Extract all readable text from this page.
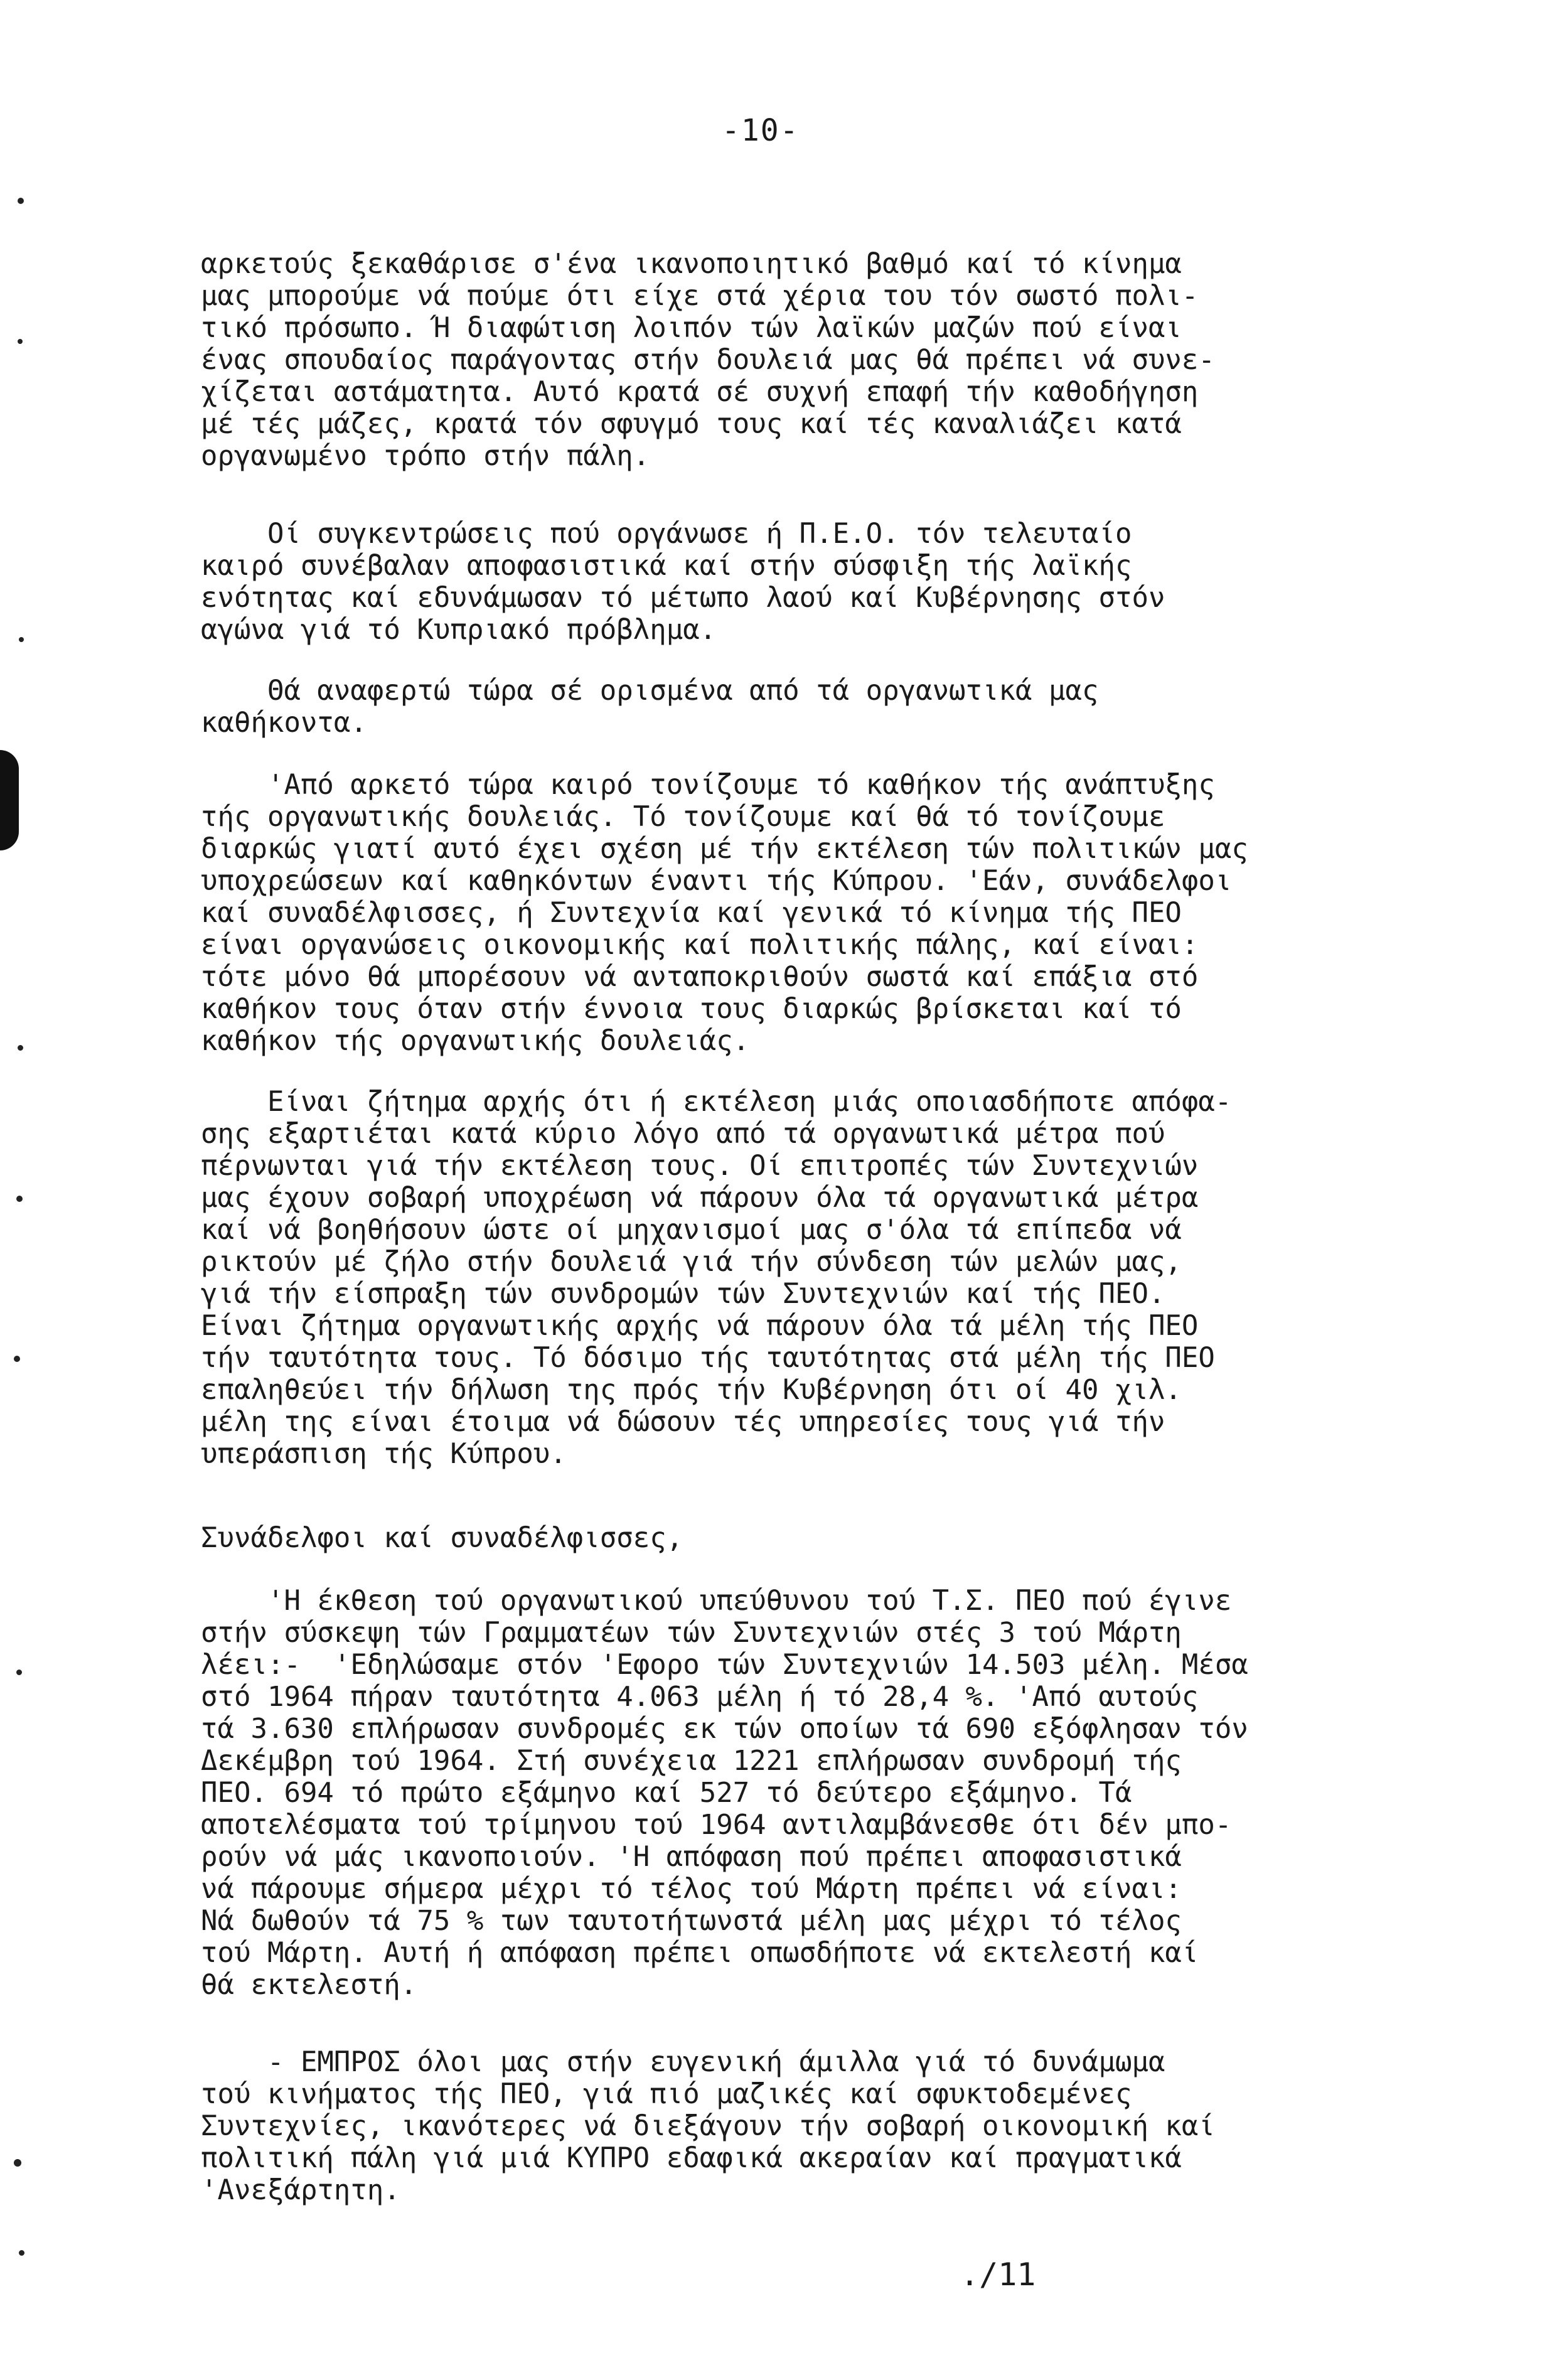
-10-
αρκετούς ξεκαθάρισε σ'ένα ικανοποιητικό βαθμό καί τό κίνημα
μας μπορούμε νά πούμε ότι είχε στά χέρια του τόν σωστό πολι-
τικό πρόσωπο. Ή διαφώτιση λοιπόν τών λαϊκών μαζών πού είναι
ένας σπουδαίος παράγοντας στήν δουλειά μας θά πρέπει νά συνε-
χίζεται αστάματητα. Αυτό κρατά σέ συχνή επαφή τήν καθοδήγηση
μέ τές μάζες, κρατά τόν σφυγμό τους καί τές καναλιάζει κατά
οργανωμένο τρόπο στήν πάλη.
Οί συγκεντρώσεις πού οργάνωσε ή Π.Ε.Ο. τόν τελευταίο
καιρό συνέβαλαν αποφασιστικά καί στήν σύσφιξη τής λαϊκής
ενότητας καί εδυνάμωσαν τό μέτωπο λαού καί Κυβέρνησης στόν
αγώνα γιά τό Κυπριακό πρόβλημα.
Θά αναφερτώ τώρα σέ ορισμένα από τά οργανωτικά μας
καθήκοντα.
'Από αρκετό τώρα καιρό τονίζουμε τό καθήκον τής ανάπτυξης
τής οργανωτικής δουλειάς. Τό τονίζουμε καί θά τό τονίζουμε
διαρκώς γιατί αυτό έχει σχέση μέ τήν εκτέλεση τών πολιτικών μας
υποχρεώσεων καί καθηκόντων έναντι τής Κύπρου. 'Εάν, συνάδελφοι
καί συναδέλφισσες, ή Συντεχνία καί γενικά τό κίνημα τής ΠΕΟ
είναι οργανώσεις οικονομικής καί πολιτικής πάλης, καί είναι:
τότε μόνο θά μπορέσουν νά ανταποκριθούν σωστά καί επάξια στό
καθήκον τους όταν στήν έννοια τους διαρκώς βρίσκεται καί τό
καθήκον τής οργανωτικής δουλειάς.
Είναι ζήτημα αρχής ότι ή εκτέλεση μιάς οποιασδήποτε απόφα-
σης εξαρτιέται κατά κύριο λόγο από τά οργανωτικά μέτρα πού
πέρνωνται γιά τήν εκτέλεση τους. Οί επιτροπές τών Συντεχνιών
μας έχουν σοβαρή υποχρέωση νά πάρουν όλα τά οργανωτικά μέτρα
καί νά βοηθήσουν ώστε οί μηχανισμοί μας σ'όλα τά επίπεδα νά
ρικτούν μέ ζήλο στήν δουλειά γιά τήν σύνδεση τών μελών μας,
γιά τήν είσπραξη τών συνδρομών τών Συντεχνιών καί τής ΠΕΟ.
Είναι ζήτημα οργανωτικής αρχής νά πάρουν όλα τά μέλη τής ΠΕΟ
τήν ταυτότητα τους. Τό δόσιμο τής ταυτότητας στά μέλη τής ΠΕΟ
επαληθεύει τήν δήλωση της πρός τήν Κυβέρνηση ότι οί 40 χιλ.
μέλη της είναι έτοιμα νά δώσουν τές υπηρεσίες τους γιά τήν
υπεράσπιση τής Κύπρου.
Συνάδελφοι καί συναδέλφισσες,
'Η έκθεση τού οργανωτικού υπεύθυνου τού Τ.Σ. ΠΕΟ πού έγινε
στήν σύσκεψη τών Γραμματέων τών Συντεχνιών στές 3 τού Μάρτη
λέει:-  'Εδηλώσαμε στόν 'Εφορο τών Συντεχνιών 14.503 μέλη. Μέσα
στό 1964 πήραν ταυτότητα 4.063 μέλη ή τό 28,4 %. 'Από αυτούς
τά 3.630 επλήρωσαν συνδρομές εκ τών οποίων τά 690 εξόφλησαν τόν
Δεκέμβρη τού 1964. Στή συνέχεια 1221 επλήρωσαν συνδρομή τής
ΠΕΟ. 694 τό πρώτο εξάμηνο καί 527 τό δεύτερο εξάμηνο. Τά
αποτελέσματα τού τρίμηνου τού 1964 αντιλαμβάνεσθε ότι δέν μπο-
ρούν νά μάς ικανοποιούν. 'Η απόφαση πού πρέπει αποφασιστικά
νά πάρουμε σήμερα μέχρι τό τέλος τού Μάρτη πρέπει νά είναι:
Νά δωθούν τά 75 % των ταυτοτήτωνστά μέλη μας μέχρι τό τέλος
τού Μάρτη. Αυτή ή απόφαση πρέπει οπωσδήποτε νά εκτελεστή καί
θά εκτελεστή.
- ΕΜΠΡΟΣ όλοι μας στήν ευγενική άμιλλα γιά τό δυνάμωμα
τού κινήματος τής ΠΕΟ, γιά πιό μαζικές καί σφυκτοδεμένες
Συντεχνίες, ικανότερες νά διεξάγουν τήν σοβαρή οικονομική καί
πολιτική πάλη γιά μιά ΚΥΠΡΟ εδαφικά ακεραίαν καί πραγματικά
'Ανεξάρτητη.
./11
